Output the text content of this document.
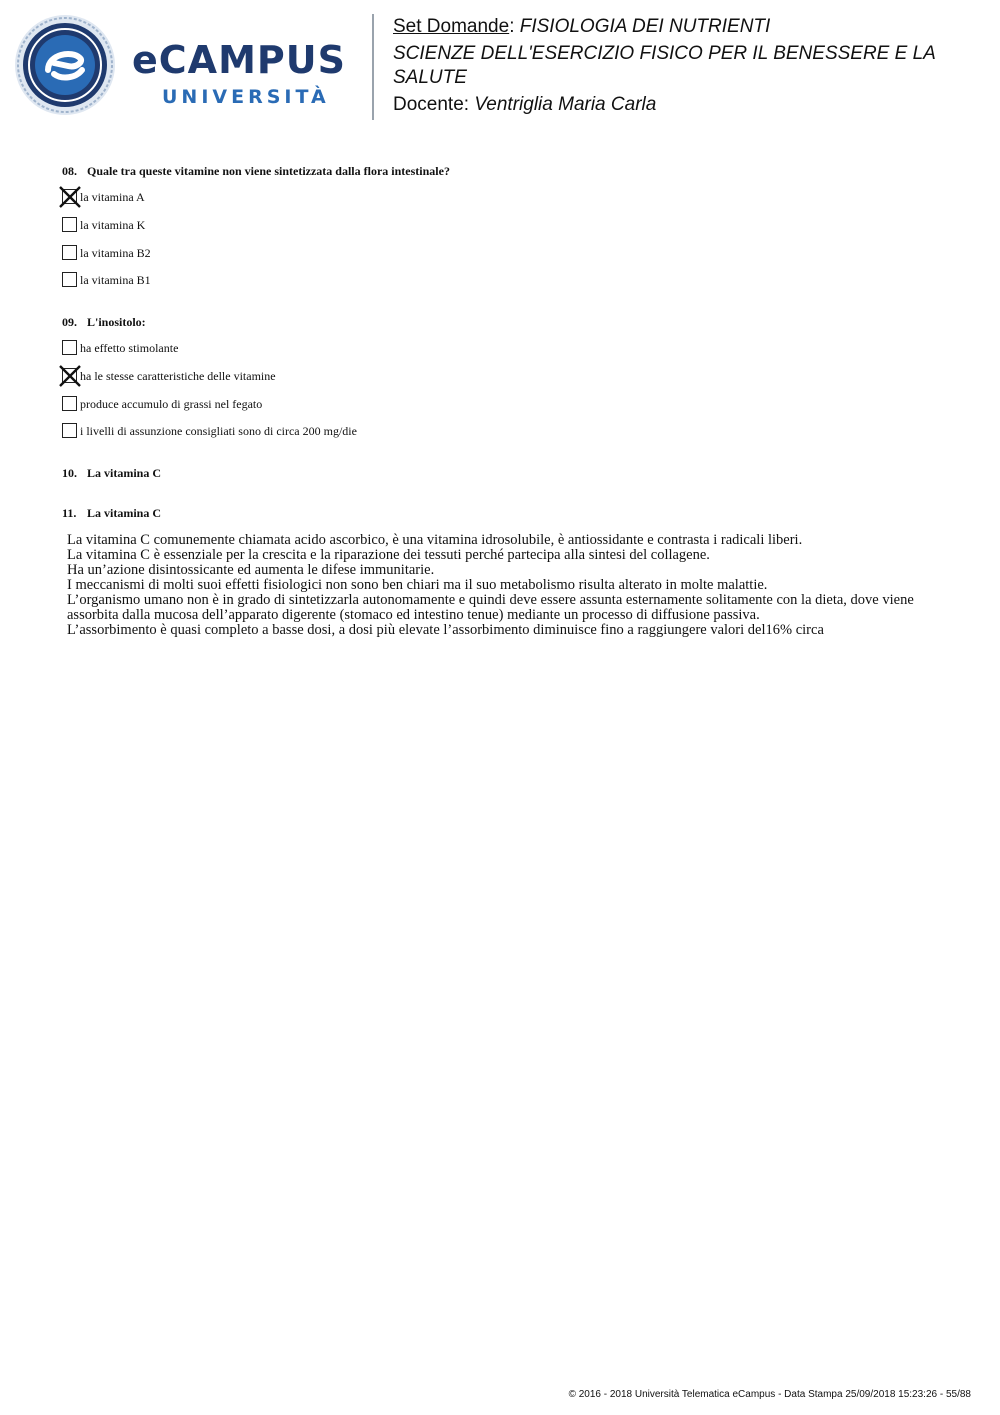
eCAMPUS
UNIVERSITÀ
Set Domande: FISIOLOGIA DEI NUTRIENTI
SCIENZE DELL'ESERCIZIO FISICO PER IL BENESSERE E LA SALUTE
Docente: Ventriglia Maria Carla
08. Quale tra queste vitamine non viene sintetizzata dalla flora intestinale?
la vitamina A
la vitamina K
la vitamina B2
la vitamina B1
09. L'inositolo:
ha effetto stimolante
ha le stesse caratteristiche delle vitamine
produce accumulo di grassi nel fegato
i livelli di assunzione consigliati sono di circa 200 mg/die
10. La vitamina C
11. La vitamina C

La vitamina C comunemente chiamata acido ascorbico, è una vitamina idrosolubile, è antiossidante e contrasta i radicali liberi.

La vitamina C è essenziale per la crescita e la riparazione dei tessuti perché partecipa alla sintesi del collagene.

Ha un’azione disintossicante ed aumenta le difese immunitarie.

I meccanismi di molti suoi effetti fisiologici non sono ben chiari ma il suo metabolismo risulta alterato in molte malattie.

L’organismo umano non è in grado di sintetizzarla autonomamente e quindi deve essere assunta esternamente solitamente con la dieta, dove viene assorbita dalla mucosa dell’apparato digerente (stomaco ed intestino tenue) mediante un processo di diffusione passiva.

L’assorbimento è quasi completo a basse dosi, a dosi più elevate l’assorbimento diminuisce fino a raggiungere valori del16% circa

© 2016 - 2018 Università Telematica eCampus - Data Stampa 25/09/2018 15:23:26 - 55/88
